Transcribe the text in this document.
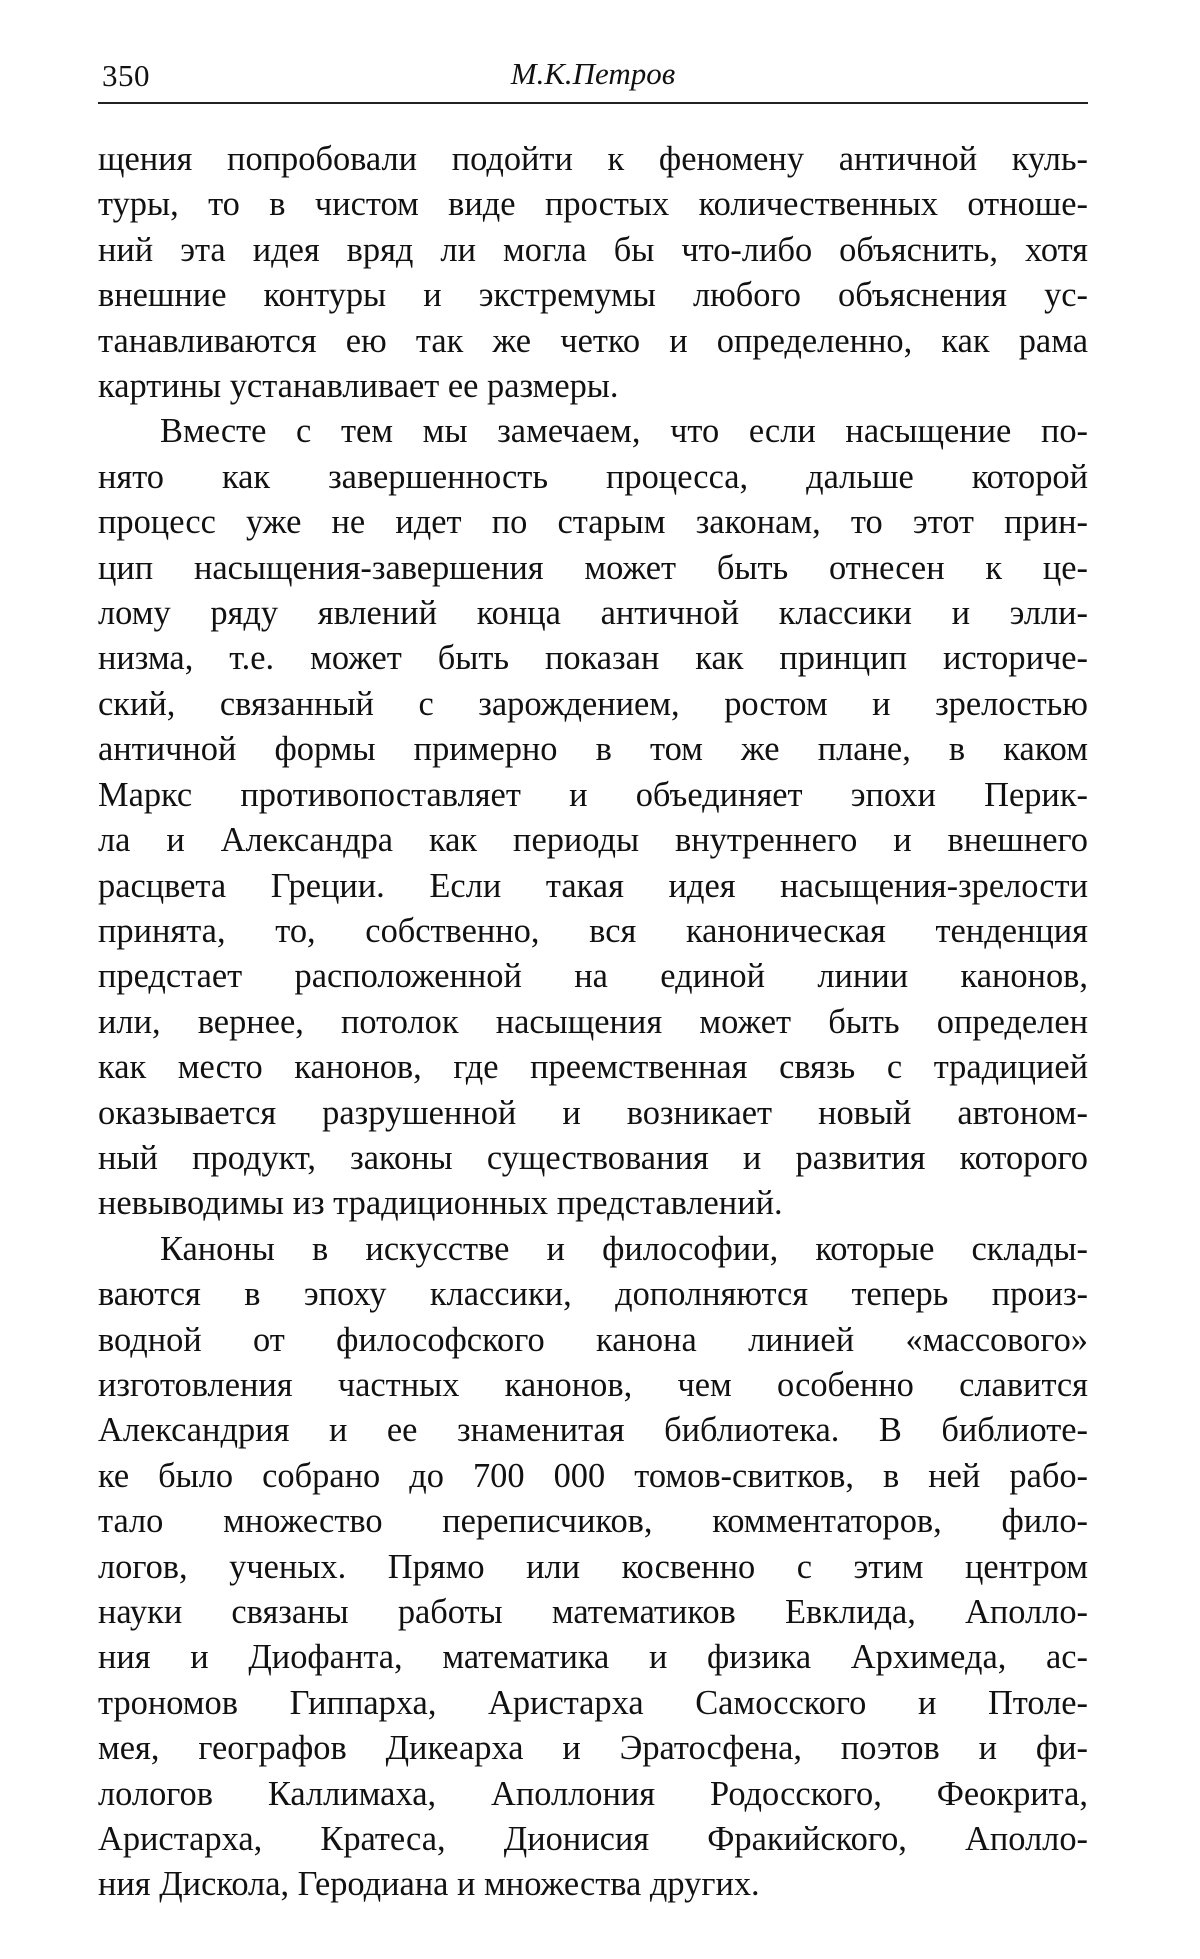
350	М.К.Петров
щения попробовали подойти к феномену античной куль-
туры, то в чистом виде простых количественных отноше-
ний эта идея вряд ли могла бы что-либо объяснить, хотя
внешние контуры и экстремумы любого объяснения ус-
танавливаются ею так же четко и определенно, как рама
картины устанавливает ее размеры.
Вместе с тем мы замечаем, что если насыщение по-
нято как завершенность процесса, дальше которой
процесс уже не идет по старым законам, то этот прин-
цип насыщения-завершения может быть отнесен к це-
лому ряду явлений конца античной классики и элли-
низма, т.е. может быть показан как принцип историче-
ский, связанный с зарождением, ростом и зрелостью
античной формы примерно в том же плане, в каком
Маркс противопоставляет и объединяет эпохи Перик-
ла и Александра как периоды внутреннего и внешнего
расцвета Греции. Если такая идея насыщения-зрелости
принята, то, собственно, вся каноническая тенденция
предстает расположенной на единой линии канонов,
или, вернее, потолок насыщения может быть определен
как место канонов, где преемственная связь с традицией
оказывается разрушенной и возникает новый автоном-
ный продукт, законы существования и развития которого
невыводимы из традиционных представлений.
Каноны в искусстве и философии, которые склады-
ваются в эпоху классики, дополняются теперь произ-
водной от философского канона линией «массового»
изготовления частных канонов, чем особенно славится
Александрия и ее знаменитая библиотека. В библиоте-
ке было собрано до 700 000 томов-свитков, в ней рабо-
тало множество переписчиков, комментаторов, фило-
логов, ученых. Прямо или косвенно с этим центром
науки связаны работы математиков Евклида, Аполло-
ния и Диофанта, математика и физика Архимеда, ас-
трономов Гиппарха, Аристарха Самосского и Птоле-
мея, географов Дикеарха и Эратосфена, поэтов и фи-
лологов Каллимаха, Аполлония Родосского, Феокрита,
Аристарха, Кратеса, Дионисия Фракийского, Аполло-
ния Дискола, Геродиана и множества других.
